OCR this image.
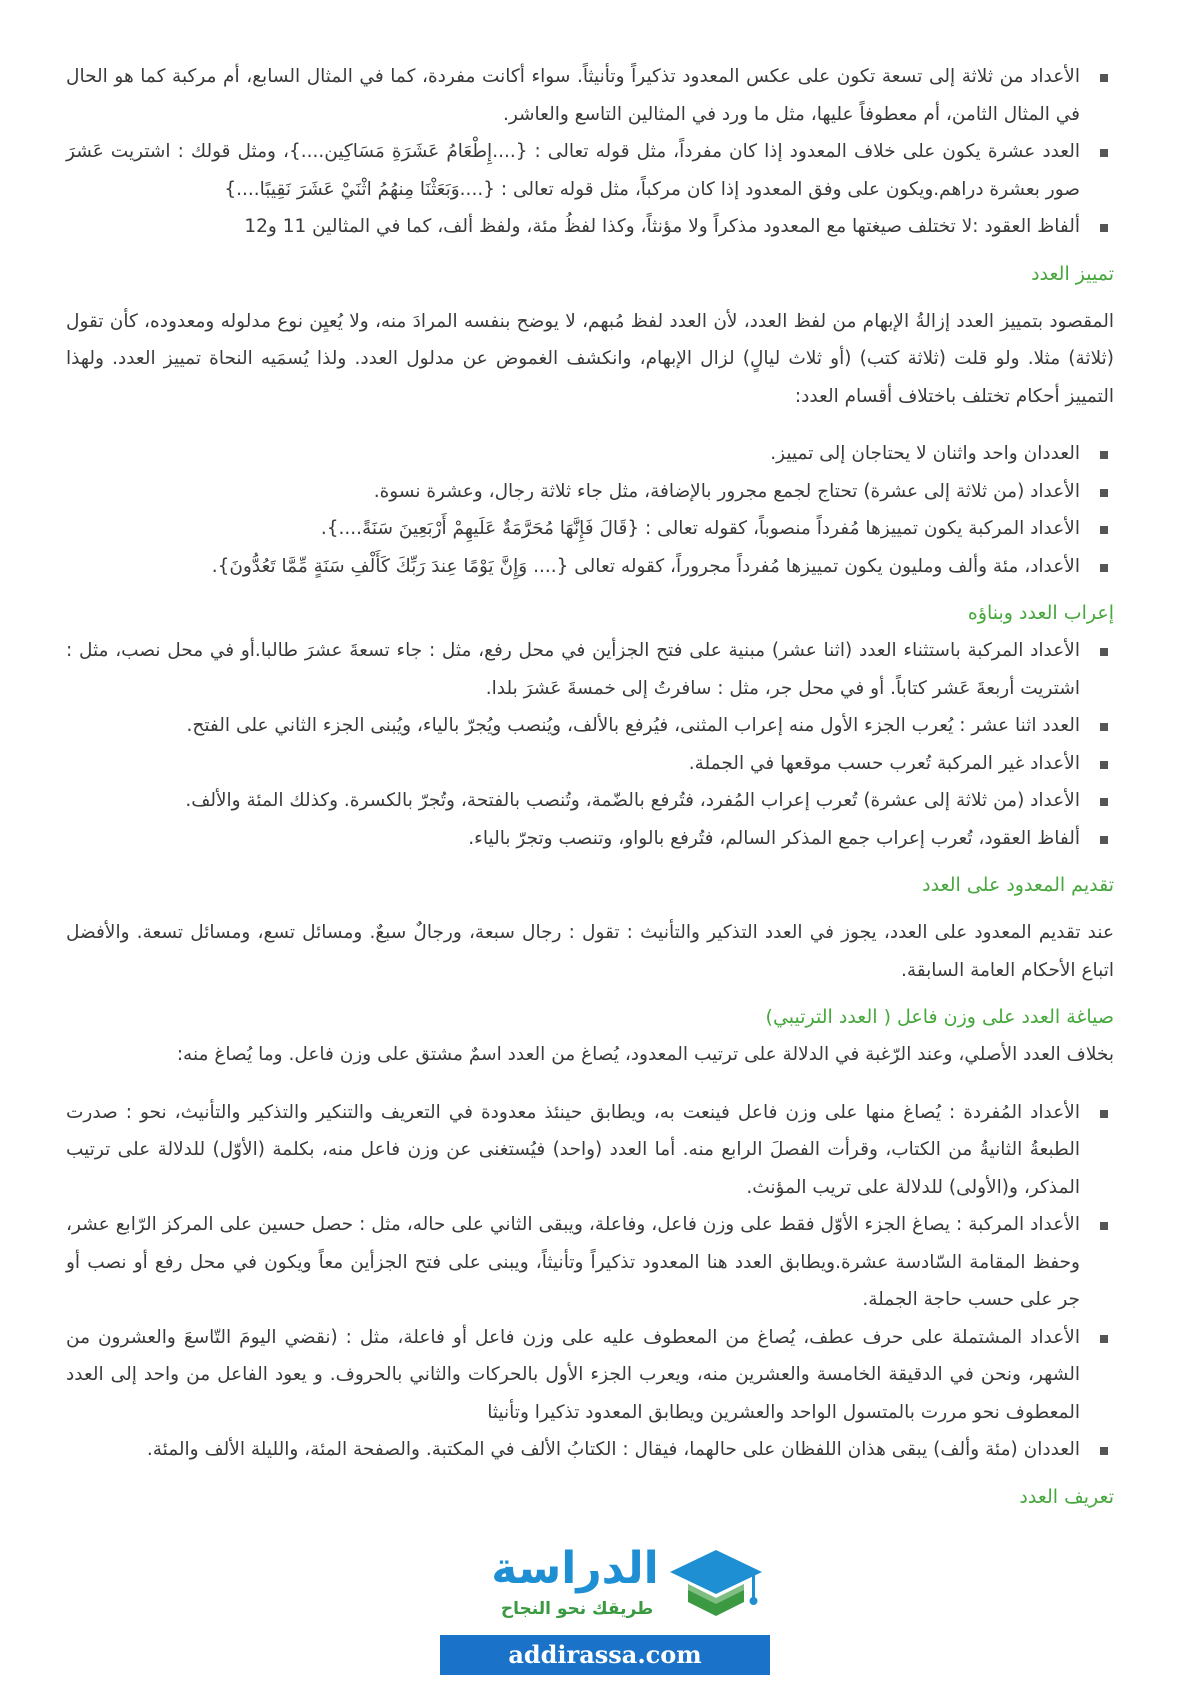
الأعداد من ثلاثة إلى تسعة تكون على عكس المعدود تذكيراً وتأنيثاً. سواء أكانت مفردة، كما في المثال السابع، أم مركبة كما هو الحال في المثال الثامن، أم معطوفاً عليها، مثل ما ورد في المثالين التاسع والعاشر.
العدد عشرة يكون على خلاف المعدود إذا كان مفرداً، مثل قوله تعالى : {....إِطْعَامُ عَشَرَةِ مَسَاكِين....}، ومثل قولك : اشتريت عَشرَ صور بعشرة دراهم.ويكون على وفق المعدود إذا كان مركباً، مثل قوله تعالى : {....وَبَعَثْنَا مِنهُمُ اثْنَيْ عَشَرَ نَقِيبًا....}
ألفاظ العقود :لا تختلف صيغتها مع المعدود مذكراً ولا مؤنثاً، وكذا لفظُ مئة، ولفظ ألف، كما في المثالين 11 و12
تمييز العدد

المقصود بتمييز العدد إزالةُ الإبهام من لفظ العدد، لأن العدد لفظ مُبهم، لا يوضح بنفسه المرادَ منه، ولا يُعيِن نوع مدلوله ومعدوده، كأن تقول (ثلاثة) مثلا. ولو قلت (ثلاثة كتب) (أو ثلاث ليالٍ) لزال الإبهام، وانكشف الغموض عن مدلول العدد. ولذا يُسمَيه النحاة تمييز العدد. ولهذا التمييز أحكام تختلف باختلاف أقسام العدد:

العددان واحد واثنان لا يحتاجان إلى تمييز.
الأعداد (من ثلاثة إلى عشرة) تحتاج لجمع مجرور بالإضافة، مثل جاء ثلاثة رجال، وعشرة نسوة.
الأعداد المركبة يكون تمييزها مُفرداً منصوباً، كقوله تعالى : {قَالَ فَإِنَّهَا مُحَرَّمَةٌ عَلَيهِمْ أَرْبَعِينَ سَنَةً....}.
الأعداد، مئة وألف ومليون يكون تمييزها مُفرداً مجروراً، كقوله تعالى {.... وَإِنَّ يَوْمًا عِندَ رَبِّكَ كَأَلْفِ سَنَةٍ مِّمَّا تَعُدُّونَ}.
إعراب العدد وبناؤه
الأعداد المركبة باستثناء العدد (اثنا عشر) مبنية على فتح الجزأين في محل رفع، مثل : جاء تسعةَ عشرَ طالبا.أو في محل نصب، مثل : اشتريت أربعةَ عَشر كتاباً. أو في محل جر، مثل : سافرتُ إلى خمسةَ عَشرَ بلدا.
العدد اثنا عشر : يُعرب الجزء الأول منه إعراب المثنى، فيُرفع بالألف، ويُنصب ويُجرّ بالياء، ويُبنى الجزء الثاني على الفتح.
الأعداد غير المركبة تُعرب حسب موقعها في الجملة.
الأعداد (من ثلاثة إلى عشرة) تُعرب إعراب المُفرد، فتُرفع بالضّمة، وتُنصب بالفتحة، وتُجرّ بالكسرة. وكذلك المئة والألف.
ألفاظ العقود، تُعرب إعراب جمع المذكر السالم، فتُرفع بالواو، وتنصب وتجرّ بالياء.
تقديم المعدود على العدد

عند تقديم المعدود على العدد، يجوز في العدد التذكير والتأنيث : تقول : رجال سبعة، ورجالٌ سبعٌ. ومسائل تسع، ومسائل تسعة. والأفضل اتباع الأحكام العامة السابقة.

صياغة العدد على وزن فاعل ( العدد الترتيبي)

بخلاف العدد الأصلي، وعند الرّغبة في الدلالة على ترتيب المعدود، يُصاغ من العدد اسمٌ مشتق على وزن فاعل. وما يُصاغ منه:

الأعداد المُفردة : يُصاغ منها على وزن فاعل فينعت به، ويطابق حينئذ معدودة في التعريف والتنكير والتذكير والتأنيث، نحو : صدرت الطبعةُ الثانيةُ من الكتاب، وقرأت الفصلَ الرابع منه. أما العدد (واحد) فيُستغنى عن وزن فاعل منه، بكلمة (الأوّل) للدلالة على ترتيب المذكر، و(الأولى) للدلالة على تريب المؤنث.
الأعداد المركبة : يصاغ الجزء الأوّل فقط على وزن فاعل، وفاعلة، ويبقى الثاني على حاله، مثل : حصل حسين على المركز الرّابع عشر، وحفظ المقامة السّادسة عشرة.ويطابق العدد هنا المعدود تذكيراً وتأنيثاً، ويبنى على فتح الجزأين معاً ويكون في محل رفع أو نصب أو جر على حسب حاجة الجملة.
الأعداد المشتملة على حرف عطف، يُصاغ من المعطوف عليه على وزن فاعل أو فاعلة، مثل : (نقضي اليومَ التّاسعَ والعشرون من الشهر، ونحن في الدقيقة الخامسة والعشرين منه، ويعرب الجزء الأول بالحركات والثاني بالحروف. و يعود الفاعل من واحد إلى العدد المعطوف نحو مررت بالمتسول الواحد والعشرين ويطابق المعدود تذكيرا وتأنيثا
العددان (مئة وألف) يبقى هذان اللفظان على حالهما، فيقال : الكتابُ الألف في المكتبة. والصفحة المئة، والليلة الألف والمئة.
تعريف العدد
الدراسة
طريقك نحو النجاح
addirassa.com
